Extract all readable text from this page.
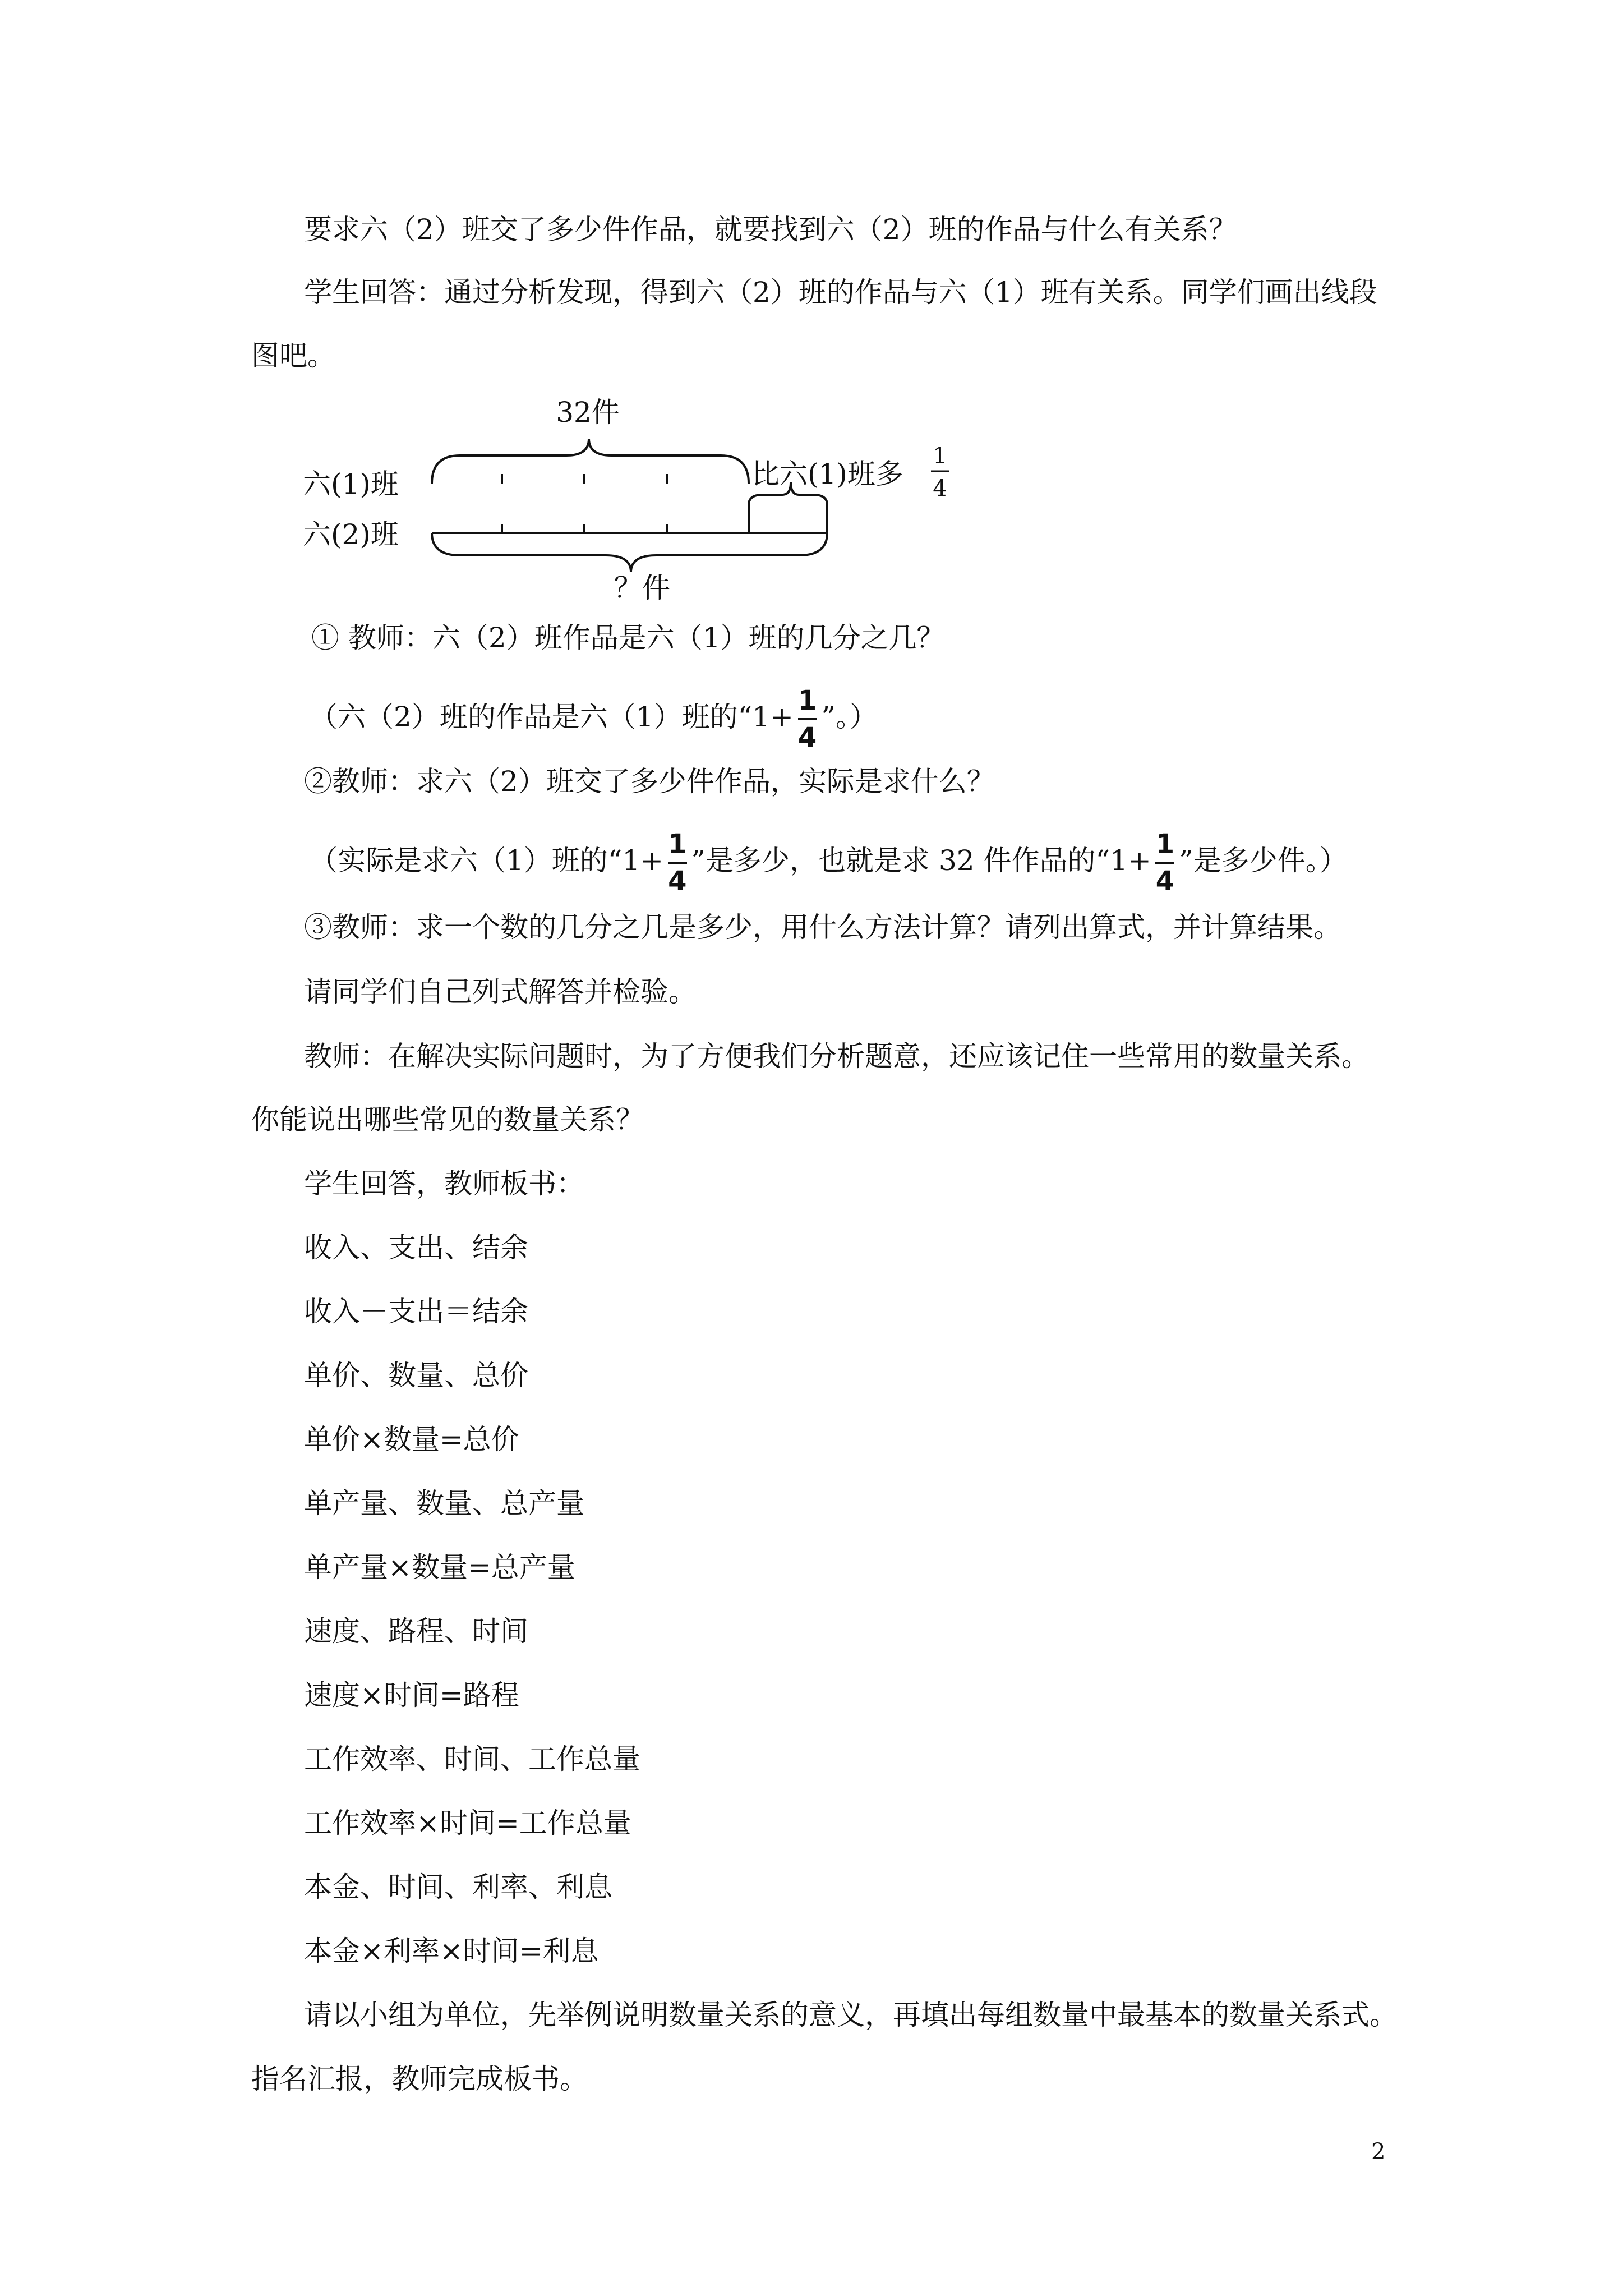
要求六（2）班交了多少件作品，就要找到六（2）班的作品与什么有关系？
学生回答：通过分析发现，得到六（2）班的作品与六（1）班有关系。同学们画出线段
图吧。
32件
六(1)班
六(2)班
比六(1)班多
1
4
？件
① 教师：六（2）班作品是六（1）班的几分之几？
（六（2）班的作品是六（1）班的“$1+ \frac{1}{4}$ ”。）
②教师：求六（2）班交了多少件作品，实际是求什么？
（实际是求六（1）班的“$1+ \frac{1}{4}$ ”是多少，也就是求 32 件作品的“$1+ \frac{1}{4}$ ”是多少件。）
③教师：求一个数的几分之几是多少，用什么方法计算？请列出算式，并计算结果。
请同学们自己列式解答并检验。
教师：在解决实际问题时，为了方便我们分析题意，还应该记住一些常用的数量关系。
你能说出哪些常见的数量关系？
学生回答，教师板书：
收入、支出、结余
收入－支出＝结余
单价、数量、总价
单价×数量=总价
单产量、数量、总产量
单产量×数量=总产量
速度、路程、时间
速度×时间=路程
工作效率、时间、工作总量
工作效率×时间=工作总量
本金、时间、利率、利息
本金×利率×时间=利息
请以小组为单位，先举例说明数量关系的意义，再填出每组数量中最基本的数量关系式。
指名汇报，教师完成板书。
2
